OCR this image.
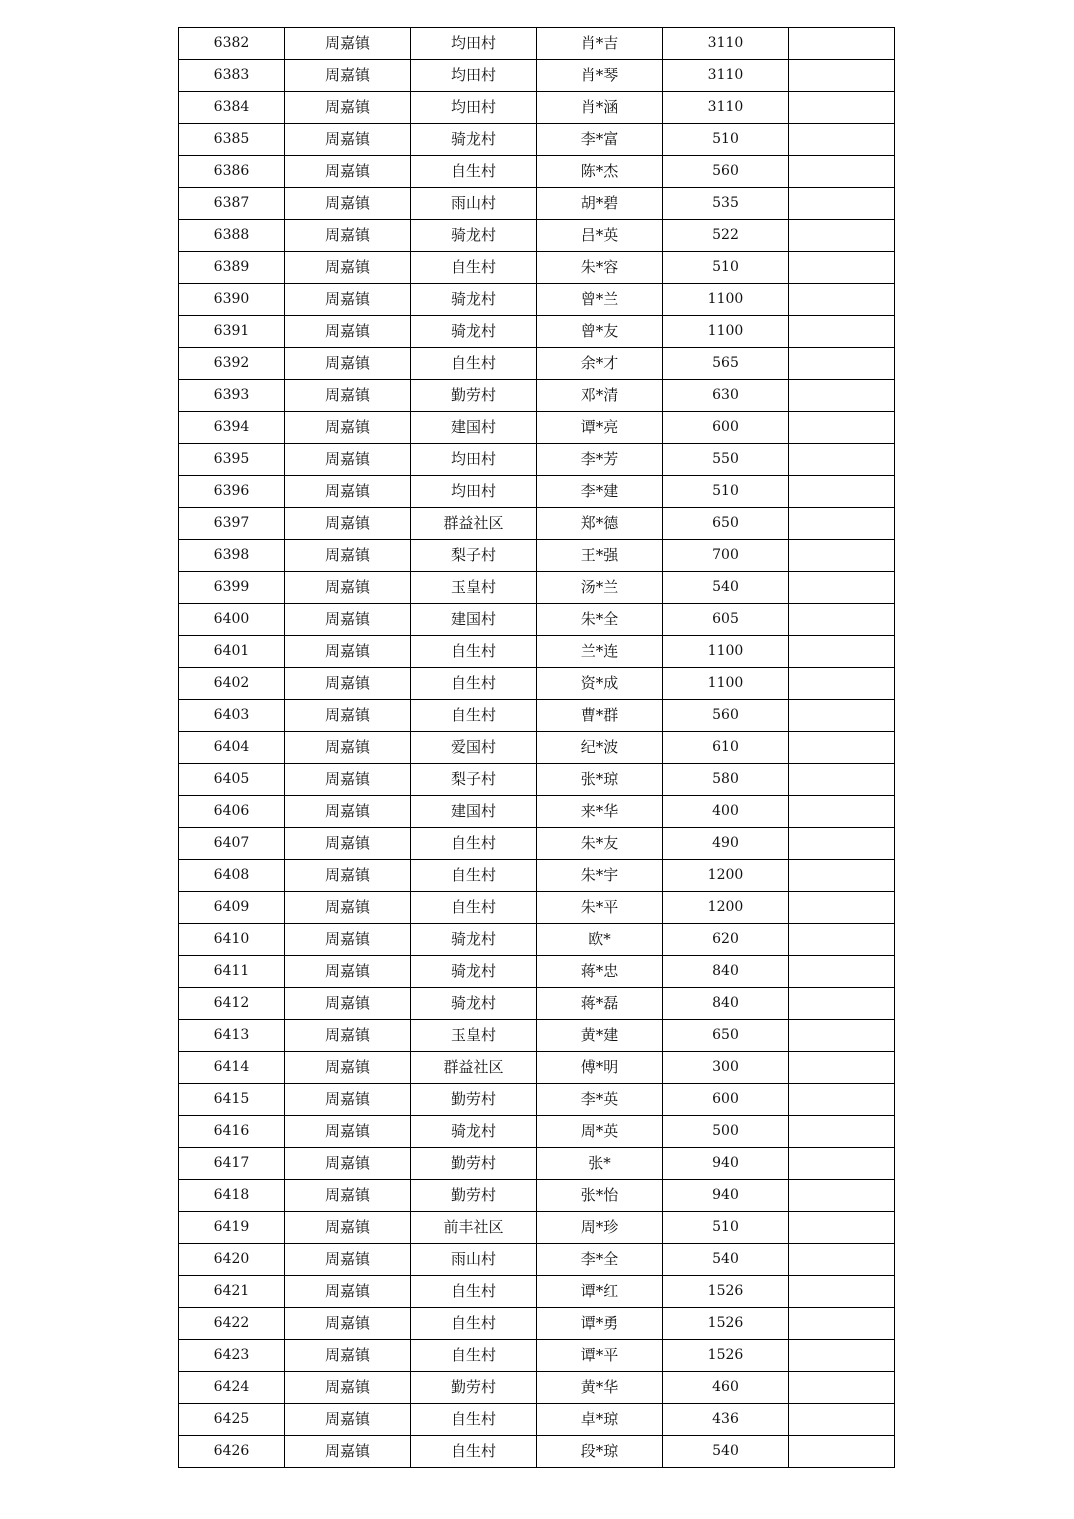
6382	周嘉镇	均田村	肖*吉	3110	
6383	周嘉镇	均田村	肖*琴	3110	
6384	周嘉镇	均田村	肖*涵	3110	
6385	周嘉镇	骑龙村	李*富	510	
6386	周嘉镇	自生村	陈*杰	560	
6387	周嘉镇	雨山村	胡*碧	535	
6388	周嘉镇	骑龙村	吕*英	522	
6389	周嘉镇	自生村	朱*容	510	
6390	周嘉镇	骑龙村	曾*兰	1100	
6391	周嘉镇	骑龙村	曾*友	1100	
6392	周嘉镇	自生村	余*才	565	
6393	周嘉镇	勤劳村	邓*清	630	
6394	周嘉镇	建国村	谭*亮	600	
6395	周嘉镇	均田村	李*芳	550	
6396	周嘉镇	均田村	李*建	510	
6397	周嘉镇	群益社区	郑*德	650	
6398	周嘉镇	梨子村	王*强	700	
6399	周嘉镇	玉皇村	汤*兰	540	
6400	周嘉镇	建国村	朱*全	605	
6401	周嘉镇	自生村	兰*连	1100	
6402	周嘉镇	自生村	资*成	1100	
6403	周嘉镇	自生村	曹*群	560	
6404	周嘉镇	爱国村	纪*波	610	
6405	周嘉镇	梨子村	张*琼	580	
6406	周嘉镇	建国村	来*华	400	
6407	周嘉镇	自生村	朱*友	490	
6408	周嘉镇	自生村	朱*宇	1200	
6409	周嘉镇	自生村	朱*平	1200	
6410	周嘉镇	骑龙村	欧*	620	
6411	周嘉镇	骑龙村	蒋*忠	840	
6412	周嘉镇	骑龙村	蒋*磊	840	
6413	周嘉镇	玉皇村	黄*建	650	
6414	周嘉镇	群益社区	傅*明	300	
6415	周嘉镇	勤劳村	李*英	600	
6416	周嘉镇	骑龙村	周*英	500	
6417	周嘉镇	勤劳村	张*	940	
6418	周嘉镇	勤劳村	张*怡	940	
6419	周嘉镇	前丰社区	周*珍	510	
6420	周嘉镇	雨山村	李*全	540	
6421	周嘉镇	自生村	谭*红	1526	
6422	周嘉镇	自生村	谭*勇	1526	
6423	周嘉镇	自生村	谭*平	1526	
6424	周嘉镇	勤劳村	黄*华	460	
6425	周嘉镇	自生村	卓*琼	436	
6426	周嘉镇	自生村	段*琼	540	
